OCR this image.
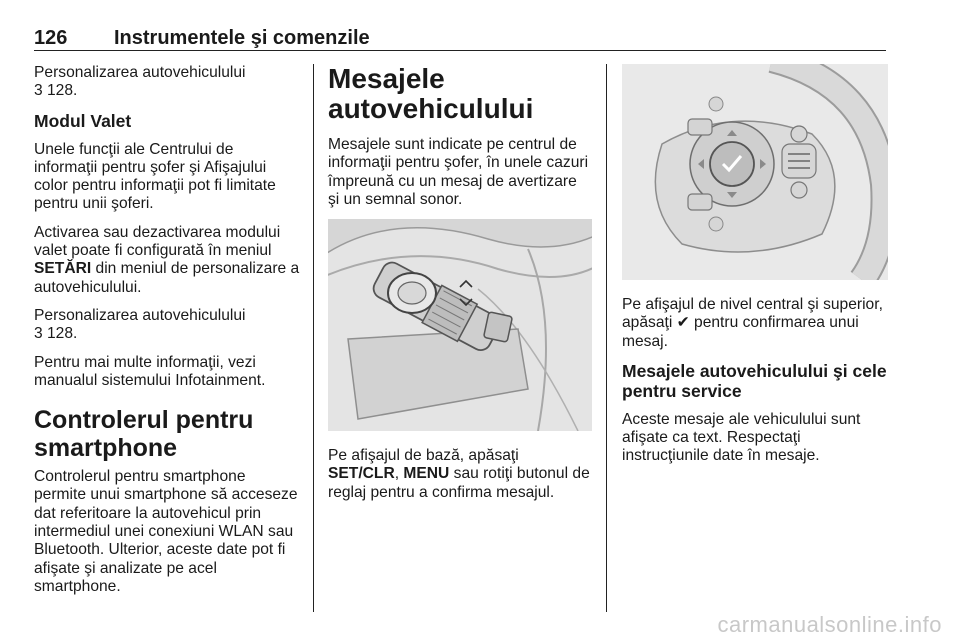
126 Instrumentele şi comenzile

Personalizarea autovehiculului
3 128.

Modul Valet

Unele funcţii ale Centrului de informaţii pentru şofer şi Afişajului color pentru informaţii pot fi limitate pentru unii şoferi.

Activarea sau dezactivarea modului valet poate fi configurată în meniul SETĂRI din meniul de personalizare a autovehiculului.

Personalizarea autovehiculului
3 128.

Pentru mai multe informaţii, vezi manualul sistemului Infotainment.

Controlerul pentru smartphone

Controlerul pentru smartphone permite unui smartphone să acceseze dat referitoare la autovehicul prin intermediul unei conexiuni WLAN sau Bluetooth. Ulterior, aceste date pot fi afişate şi analizate pe acel smartphone.

Mesajele autovehiculului

Mesajele sunt indicate pe centrul de informaţii pentru şofer, în unele cazuri împreună cu un mesaj de avertizare şi un semnal sonor.

Pe afişajul de bază, apăsaţi SET/CLR, MENU sau rotiţi butonul de reglaj pentru a confirma mesajul.

Pe afişajul de nivel central şi superior, apăsaţi ✔ pentru confirmarea unui mesaj.

Mesajele autovehiculului şi cele pentru service

Aceste mesaje ale vehiculului sunt afişate ca text. Respectaţi instrucţiunile date în mesaje.

carmanualsonline.info
